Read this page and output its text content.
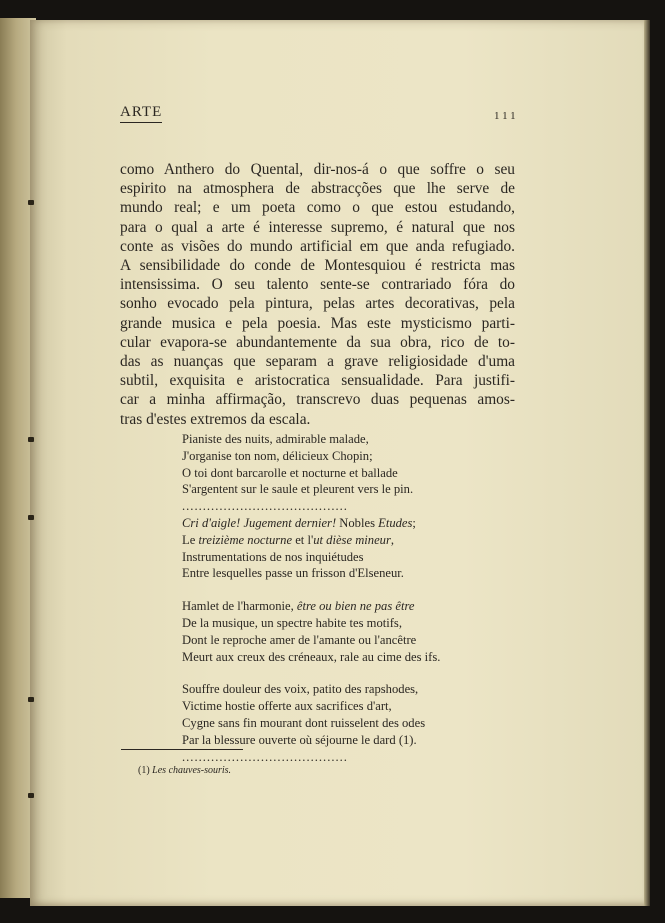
ARTE	111
como Anthero do Quental, dir-nos-á o que soffre o seu
espirito na atmosphera de abstracções que lhe serve de
mundo real; e um poeta como o que estou estudando,
para o qual a arte é interesse supremo, é natural que nos
conte as visões do mundo artificial em que anda refugiado.
A sensibilidade do conde de Montesquiou é restricta mas
intensissima. O seu talento sente-se contrariado fóra do
sonho evocado pela pintura, pelas artes decorativas, pela
grande musica e pela poesia. Mas este mysticismo parti-
cular evapora-se abundantemente da sua obra, rico de to-
das as nuanças que separam a grave religiosidade d'uma
subtil, exquisita e aristocratica sensualidade. Para justifi-
car a minha affirmação, transcrevo duas pequenas amos-
tras d'estes extremos da escala.
Pianiste des nuits, admirable malade,
J'organise ton nom, délicieux Chopin;
O toi dont barcarolle et nocturne et ballade
S'argentent sur le saule et pleurent vers le pin.
........................................
Cri d'aigle! Jugement dernier! Nobles Etudes;
Le treizième nocturne et l'ut dièse mineur,
Instrumentations de nos inquiétudes
Entre lesquelles passe un frisson d'Elseneur.
Hamlet de l'harmonie, être ou bien ne pas être
De la musique, un spectre habite tes motifs,
Dont le reproche amer de l'amante ou l'ancêtre
Meurt aux creux des créneaux, rale au cime des ifs.
Souffre douleur des voix, patito des rapshodes,
Victime hostie offerte aux sacrifices d'art,
Cygne sans fin mourant dont ruisselent des odes
Par la blessure ouverte où séjourne le dard (1).
........................................
(1) Les chauves-souris.
